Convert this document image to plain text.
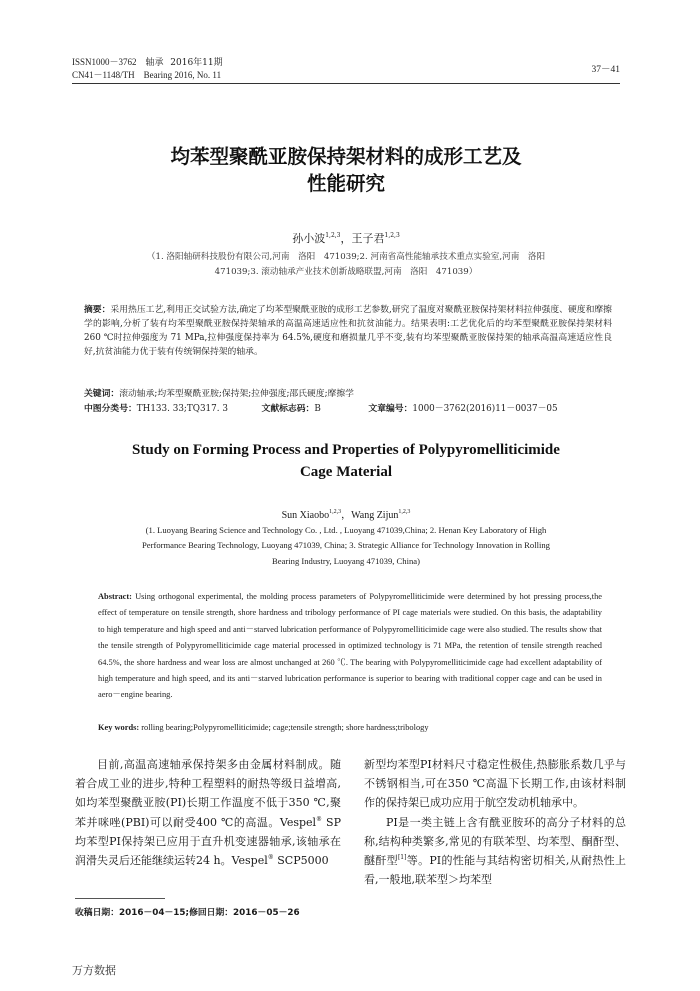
ISSN1000－3762 轴承 2016年11期
CN41－1148/TH Bearing 2016, No. 11	37－41
均苯型聚酰亚胺保持架材料的成形工艺及
性能研究
孙小波$^{1,2,3}$，王子君$^{1,2,3}$
（1. 洛阳轴研科技股份有限公司,河南　洛阳　471039;2. 河南省高性能轴承技术重点实验室,河南　洛阳
471039;3. 滚动轴承产业技术创新战略联盟,河南　洛阳　471039）
摘要：采用热压工艺,利用正交试验方法,确定了均苯型聚酰亚胺的成形工艺参数,研究了温度对聚酰亚胺保持架材料拉伸强度、硬度和摩擦学的影响,分析了装有均苯型聚酰亚胺保持架轴承的高温高速适应性和抗贫油能力。结果表明:工艺优化后的均苯型聚酰亚胺保持架材料 260 ℃时拉伸强度为 71 MPa,拉伸强度保持率为 64.5%,硬度和磨损量几乎不变,装有均苯型聚酰亚胺保持架的轴承高温高速适应性良好,抗贫油能力优于装有传统铜保持架的轴承。
关键词：滚动轴承;均苯型聚酰亚胺;保持架;拉伸强度;邵氏硬度;摩擦学
中图分类号：TH133. 33;TQ317. 3	文献标志码：B	文章编号：1000－3762(2016)11－0037－05
Study on Forming Process and Properties of Polypyromelliticimide
Cage Material
Sun Xiaobo$^{1,2,3}$，Wang Zijun$^{1,2,3}$
(1. Luoyang Bearing Science and Technology Co. , Ltd. , Luoyang 471039,China; 2. Henan Key Laboratory of High
Performance Bearing Technology, Luoyang 471039, China; 3. Strategic Alliance for Technology Innovation in Rolling
Bearing Industry, Luoyang 471039, China)
Abstract: Using orthogonal experimental, the molding process parameters of Polypyromelliticimide were determined by hot pressing process,the effect of temperature on tensile strength, shore hardness and tribology performance of PI cage materials were studied. On this basis, the adaptability to high temperature and high speed and anti－starved lubrication performance of Polypyromelliticimide cage were also studied. The results show that the tensile strength of Polypyromelliticimide cage material processed in optimized technology is 71 MPa, the retention of tensile strength reached 64.5%, the shore hardness and wear loss are almost unchanged at 260 ℃. The bearing with Polypyromelliticimide cage had excellent adaptability of high temperature and high speed, and its anti－starved lubrication performance is superior to bearing with traditional copper cage and can be used in aero－engine bearing.
Key words: rolling bearing;Polypyromelliticimide; cage;tensile strength; shore hardness;tribology

目前,高温高速轴承保持架多由金属材料制成。随着合成工业的进步,特种工程塑料的耐热等级日益增高,如均苯型聚酰亚胺(PI)长期工作温度不低于350 ℃,聚苯并咪唑(PBI)可以耐受400 ℃的高温。Vespel® SP均苯型PI保持架已应用于直升机变速器轴承,该轴承在润滑失灵后还能继续运转24 h。Vespel® SCP5000

新型均苯型PI材料尺寸稳定性极佳,热膨胀系数几乎与不锈钢相当,可在350 ℃高温下长期工作,由该材料制作的保持架已成功应用于航空发动机轴承中。

PI是一类主链上含有酰亚胺环的高分子材料的总称,结构种类繁多,常见的有联苯型、均苯型、酮酐型、醚酐型[1]等。PI的性能与其结构密切相关,从耐热性上看,一般地,联苯型＞均苯型

收稿日期：2016－04－15;修回日期：2016－05－26
万方数据
